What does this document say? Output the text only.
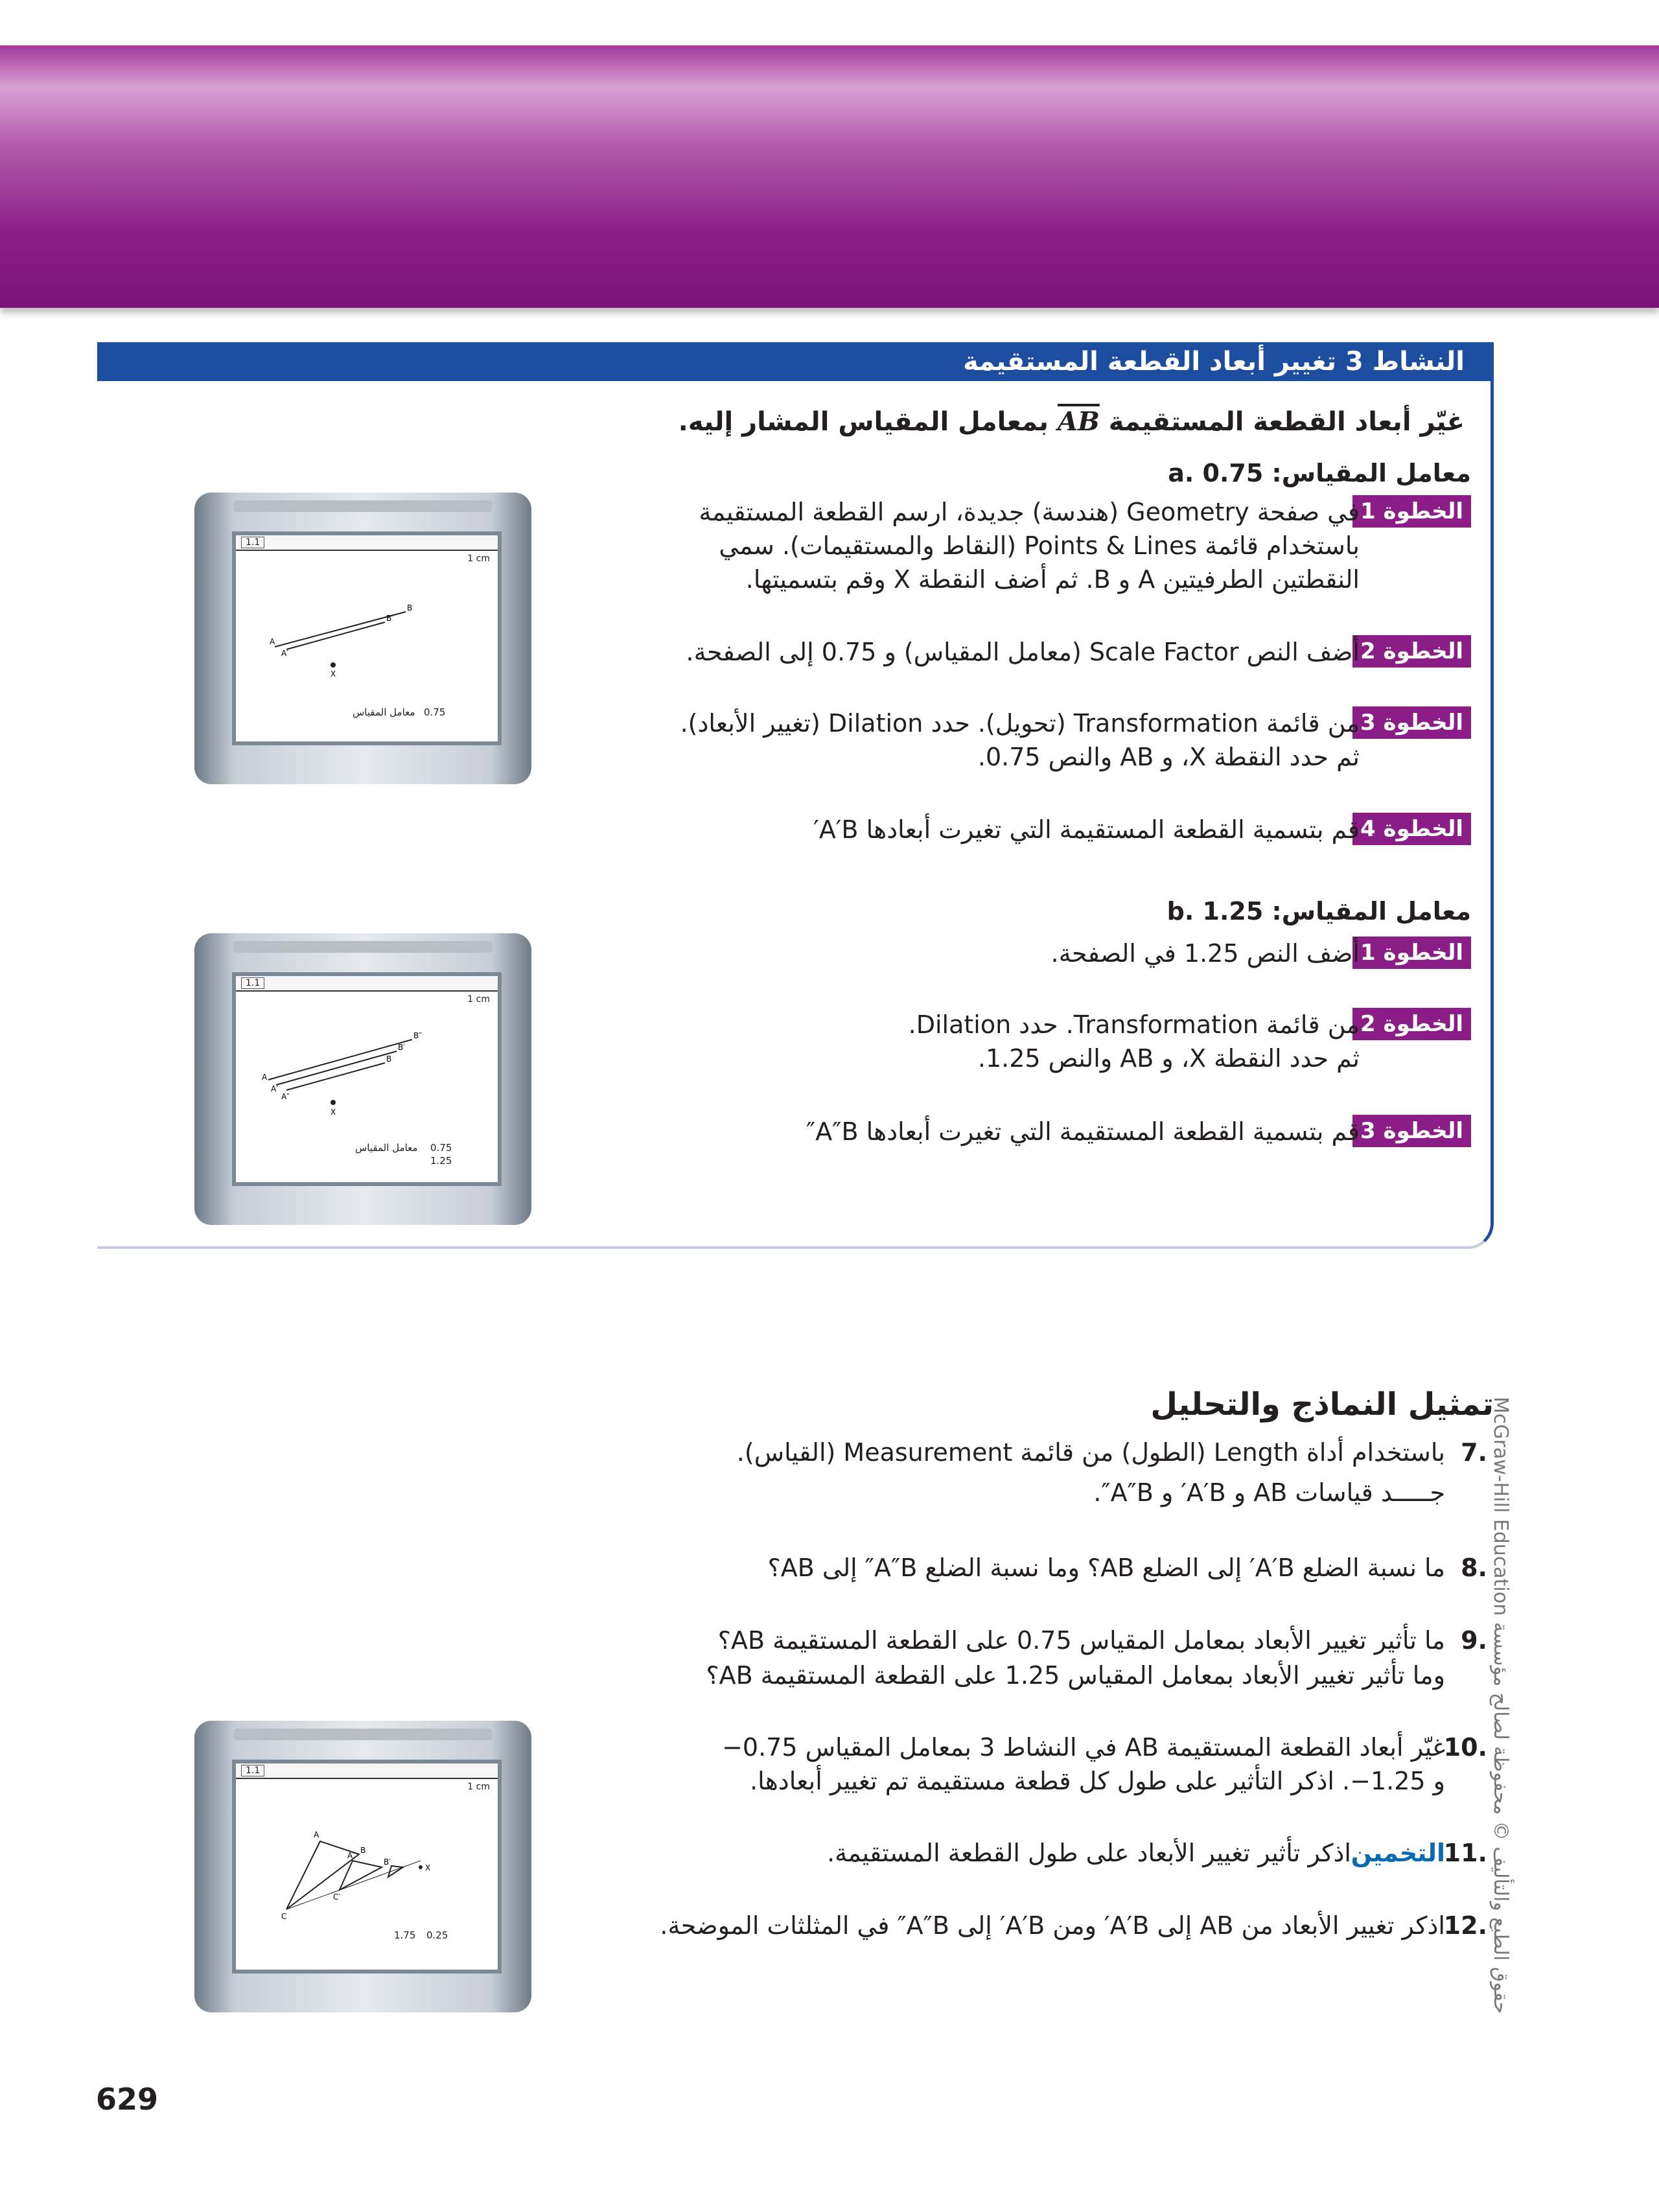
النشاط 3 تغيير أبعاد القطعة المستقيمة
غيّر أبعاد القطعة المستقيمة AB بمعامل المقياس المشار إليه.
a. معامل المقياس: 0.75
الخطوة 1
في صفحة Geometry (هندسة) جديدة، ارسم القطعة المستقيمة
باستخدام قائمة Points & Lines (النقاط والمستقيمات). سمي
النقطتين الطرفيتين A و B. ثم أضف النقطة X وقم بتسميتها.
الخطوة 2
أضف النص Scale Factor (معامل المقياس) و 0.75 إلى الصفحة.
الخطوة 3
من قائمة Transformation (تحويل). حدد Dilation (تغيير الأبعاد).
ثم حدد النقطة X، و AB والنص 0.75.
الخطوة 4
قم بتسمية القطعة المستقيمة التي تغيرت أبعادها A′B′
b. معامل المقياس: 1.25
الخطوة 1
أضف النص 1.25 في الصفحة.
الخطوة 2
من قائمة Transformation. حدد Dilation.
ثم حدد النقطة X، و AB والنص 1.25.
الخطوة 3
قم بتسمية القطعة المستقيمة التي تغيرت أبعادها A″B″
1.1
1 cm
A
A′
B
B′
X
معامل المقياس 0.75
1.1
1 cm
A
A′
A″
B
B′
B″
X
معامل المقياس 0.75
1.25
تمثيل النماذج والتحليل
7.
باستخدام أداة Length (الطول) من قائمة Measurement (القياس).
جـــــد قياسات AB و A′B′ و A″B″.
8.
ما نسبة الضلع A′B′ إلى الضلع AB؟ وما نسبة الضلع A″B″ إلى AB؟
9.
ما تأثير تغيير الأبعاد بمعامل المقياس 0.75 على القطعة المستقيمة AB؟
وما تأثير تغيير الأبعاد بمعامل المقياس 1.25 على القطعة المستقيمة AB؟
10.
غيّر أبعاد القطعة المستقيمة AB في النشاط 3 بمعامل المقياس 0.75−
و 1.25−. اذكر التأثير على طول كل قطعة مستقيمة تم تغيير أبعادها.
11.
التخمين
اذكر تأثير تغيير الأبعاد على طول القطعة المستقيمة.
12.
اذكر تغيير الأبعاد من AB إلى A′B′ ومن A′B′ إلى A″B″ في المثلثات الموضحة.
1.1
1 cm
A
B
C
A′
B′
C′
X
1.75 0.25
McGraw-Hill Education حقوق الطبع والتأليف © محفوظة لصالح مؤسسة
629
